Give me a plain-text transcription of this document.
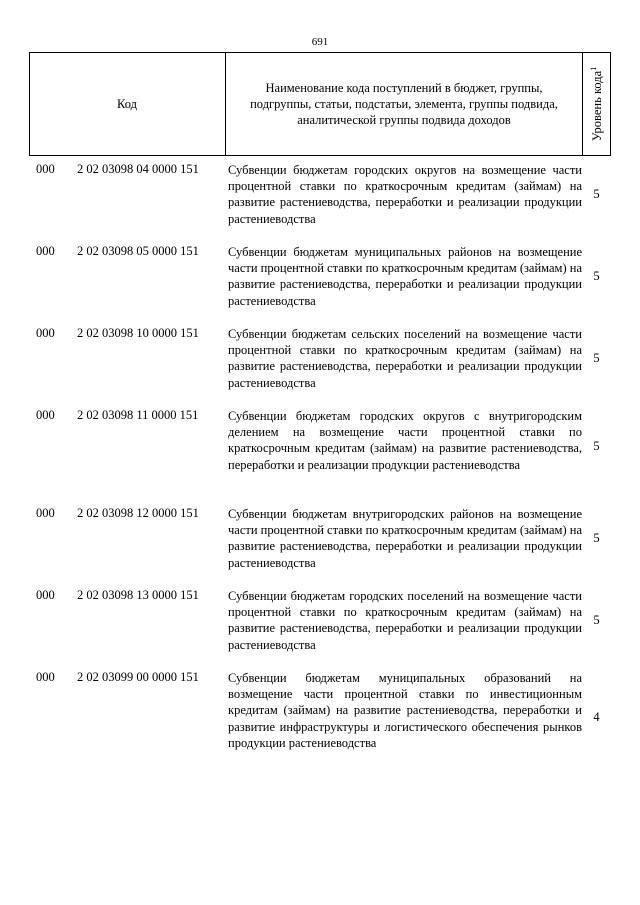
691
Код
Наименование кода поступлений в бюджет, группы, подгруппы, статьи, подстатьи, элемента, группы подвида, аналитической группы подвида доходов	Уровень кода$^1$
000 2 02 03098 04 0000 151 Субвенции бюджетам городских округов на возмещение части процентной ставки по краткосрочным кредитам (займам) на развитие растениеводства, переработки и реализации продукции растениеводства
5
000 2 02 03098 05 0000 151 Субвенции бюджетам муниципальных районов на возмещение части процентной ставки по краткосрочным кредитам (займам) на развитие растениеводства, переработки и реализации продукции растениеводства
5
000 2 02 03098 10 0000 151 Субвенции бюджетам сельских поселений на возмещение части процентной ставки по краткосрочным кредитам (займам) на развитие растениеводства, переработки и реализации продукции растениеводства
5
000 2 02 03098 11 0000 151 Субвенции бюджетам городских округов с внутригородским делением на возмещение части процентной ставки по краткосрочным кредитам (займам) на развитие растениеводства, переработки и реализации продукции растениеводства
5
000 2 02 03098 12 0000 151 Субвенции бюджетам внутригородских районов на возмещение части процентной ставки по краткосрочным кредитам (займам) на развитие растениеводства, переработки и реализации продукции растениеводства
5
000 2 02 03098 13 0000 151 Субвенции бюджетам городских поселений на возмещение части процентной ставки по краткосрочным кредитам (займам) на развитие растениеводства, переработки и реализации продукции растениеводства
5
000 2 02 03099 00 0000 151 Субвенции бюджетам муниципальных образований на возмещение части процентной ставки по инвестиционным кредитам (займам) на развитие растениеводства, переработки и развитие инфраструктуры и логистического обеспечения рынков продукции растениеводства
4
